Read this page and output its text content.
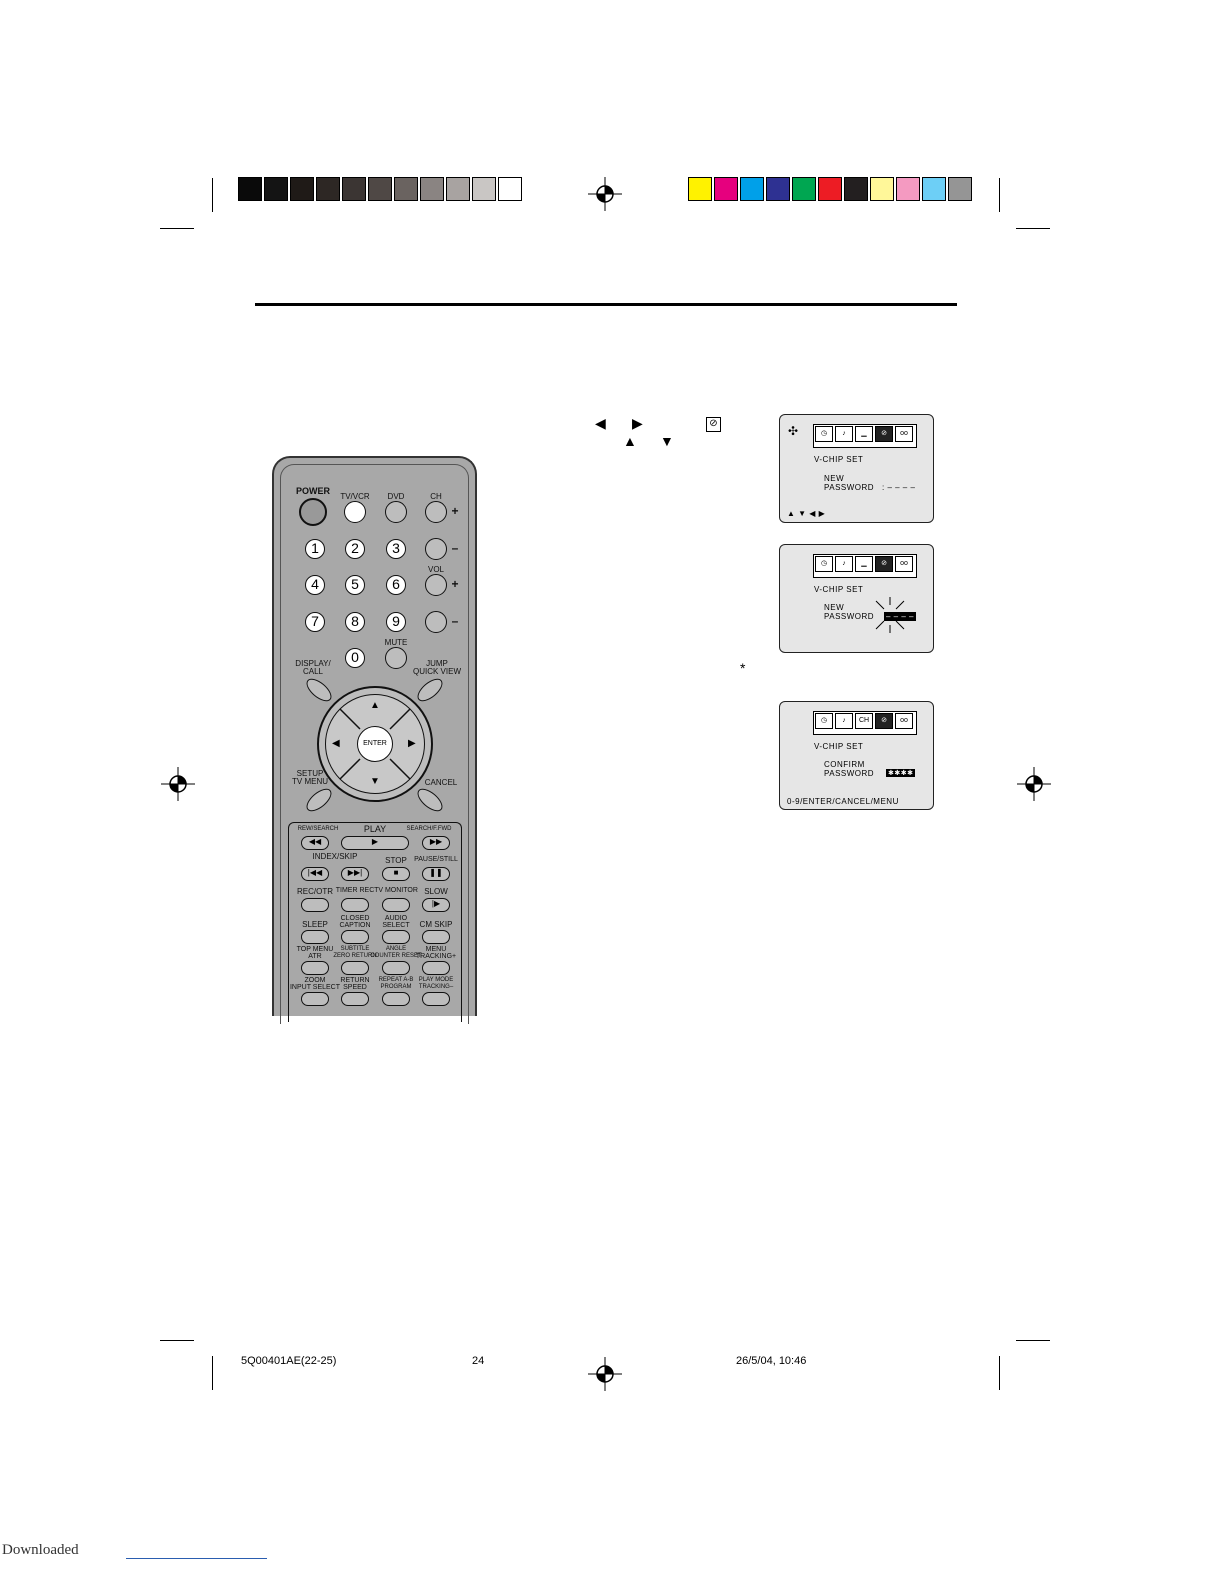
◀ ▶
▲ ▼
⊘
*
✣	◷	♪	▁	⊘	oo
V-CHIP SET
NEW
PASSWORD : – – – –
▲ ▼ ◀ ▶
◷	♪	▁	⊘	oo
V-CHIP SET
NEW
PASSWORD – – – –
◷	♪	CH	⊘	oo
V-CHIP SET
CONFIRM
PASSWORD ✱✱✱✱
0-9/ENTER/CANCEL/MENU
POWER
TV/VCR DVD	CH
+
–
1	2	3
4	5	6
7	8	9
0
VOL
+
–
MUTE
DISPLAY/
CALL
JUMP
QUICK VIEW
▲
▼
◀	▶
ENTER
SETUP
TV MENU	CANCEL
REW/SEARCH	PLAY	SEARCH/F.FWD
◀◀	▶	▶▶
INDEX/SKIP	STOP PAUSE/STILL
|◀◀	▶▶|	■	❚❚
REC/OTR TIMER REC TV MONITOR SLOW
|▶
SLEEP
CLOSED
CAPTION
AUDIO
SELECT CM SKIP
TOP MENU
ATR
SUBTITLE
ZERO RETURN
ANGLE
COUNTER RESET
MENU
TRACKING+
ZOOM
INPUT SELECT
RETURN
SPEED
REPEAT A-B
PROGRAM
PLAY MODE
TRACKING–
5Q00401AE(22-25)	24	26/5/04, 10:46
Downloaded
